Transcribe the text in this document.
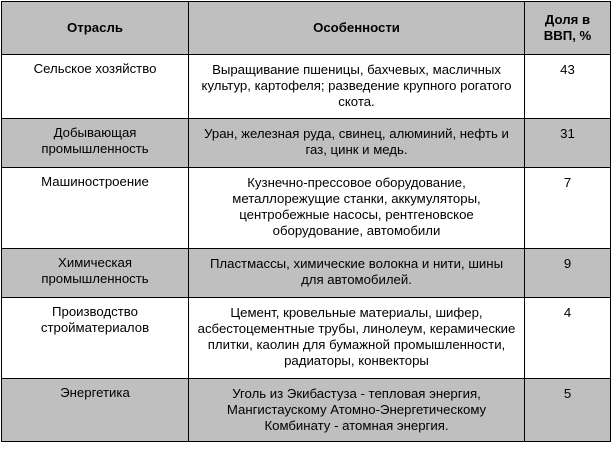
Отрасль	Особенности	Доля в ВВП, %
Сельское хозяйство	Выращивание пшеницы, бахчевых, масличных культур, картофеля; разведение крупного рогатого скота.	43
Добывающая промышленность	Уран, железная руда, свинец, алюминий, нефть и газ, цинк и медь.	31
Машиностроение	Кузнечно-прессовое оборудование, металлорежущие станки, аккумуляторы, центробежные насосы, рентгеновское оборудование, автомобили	7
Химическая промышленность	Пластмассы, химические волокна и нити, шины для автомобилей.	9
Производство стройматериалов	Цемент, кровельные материалы, шифер, асбестоцементные трубы, линолеум, керамические плитки, каолин для бумажной промышленности, радиаторы, конвекторы	4
Энергетика	Уголь из Экибастуза - тепловая энергия, Мангистаускому Атомно-Энергетическому Комбинату - атомная энергия.	5
